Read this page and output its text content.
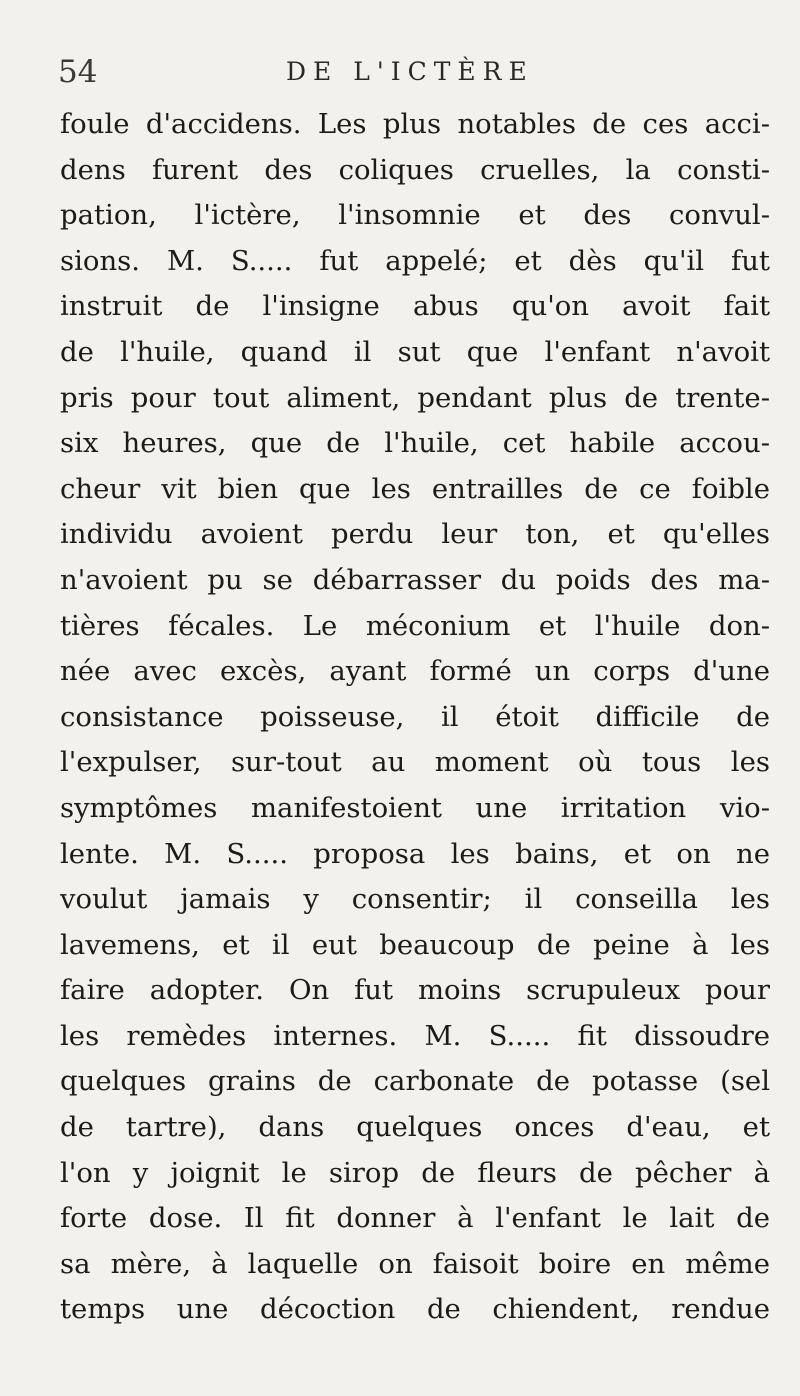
54	DE L'ICTÈRE
foule d'accidens. Les plus notables de ces acci-
dens furent des coliques cruelles, la consti-
pation, l'ictère, l'insomnie et des convul-
sions. M. S..... fut appelé; et dès qu'il fut
instruit de l'insigne abus qu'on avoit fait
de l'huile, quand il sut que l'enfant n'avoit
pris pour tout aliment, pendant plus de trente-
six heures, que de l'huile, cet habile accou-
cheur vit bien que les entrailles de ce foible
individu avoient perdu leur ton, et qu'elles
n'avoient pu se débarrasser du poids des ma-
tières fécales. Le méconium et l'huile don-
née avec excès, ayant formé un corps d'une
consistance poisseuse, il étoit difficile de
l'expulser, sur-tout au moment où tous les
symptômes manifestoient une irritation vio-
lente. M. S..... proposa les bains, et on ne
voulut jamais y consentir; il conseilla les
lavemens, et il eut beaucoup de peine à les
faire adopter. On fut moins scrupuleux pour
les remèdes internes. M. S..... fit dissoudre
quelques grains de carbonate de potasse (sel
de tartre), dans quelques onces d'eau, et
l'on y joignit le sirop de fleurs de pêcher à
forte dose. Il fit donner à l'enfant le lait de
sa mère, à laquelle on faisoit boire en même
temps une décoction de chiendent, rendue
